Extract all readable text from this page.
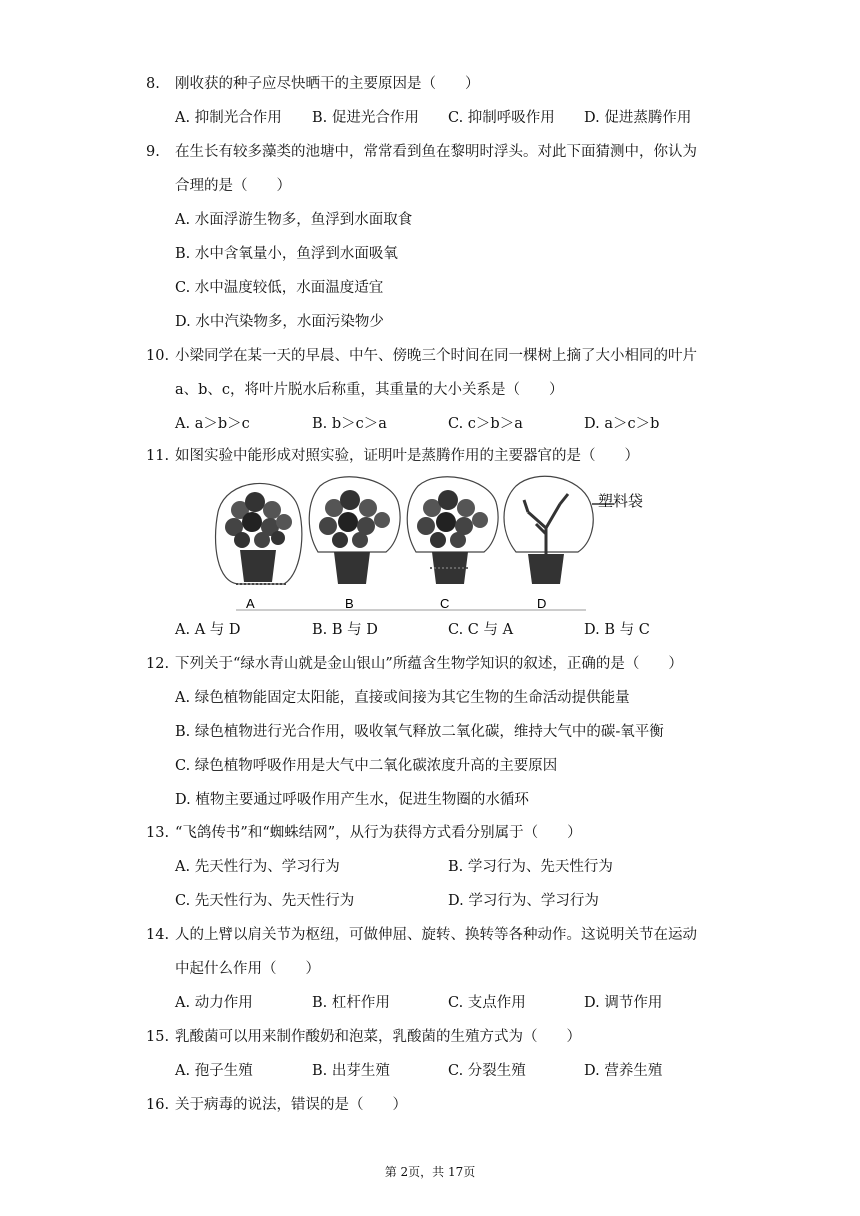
8. 刚收获的种子应尽快晒干的主要原因是（　　）
A. 抑制光合作用 B. 促进光合作用 C. 抑制呼吸作用 D. 促进蒸腾作用
9. 在生长有较多藻类的池塘中，常常看到鱼在黎明时浮头。对此下面猜测中，你认为
合理的是（　　）
A. 水面浮游生物多，鱼浮到水面取食
B. 水中含氧量小，鱼浮到水面吸氧
C. 水中温度较低，水面温度适宜
D. 水中汽染物多，水面污染物少
10. 小梁同学在某一天的早晨、中午、傍晚三个时间在同一棵树上摘了大小相同的叶片
a、b、c，将叶片脱水后称重，其重量的大小关系是（　　）
A. a＞b＞c	B. b＞c＞a	C. c＞b＞a	D. a＞c＞b
11. 如图实验中能形成对照实验，证明叶是蒸腾作用的主要器官的是（　　）
塑料袋
A	B	C	D
A. A 与 D	B. B 与 D	C. C 与 A	D. B 与 C
12. 下列关于“绿水青山就是金山银山”所蕴含生物学知识的叙述，正确的是（　　）
A. 绿色植物能固定太阳能，直接或间接为其它生物的生命活动提供能量
B. 绿色植物进行光合作用，吸收氧气释放二氧化碳，维持大气中的碳-氧平衡
C. 绿色植物呼吸作用是大气中二氧化碳浓度升高的主要原因
D. 植物主要通过呼吸作用产生水，促进生物圈的水循环
13. “飞鸽传书”和“蜘蛛结网”，从行为获得方式看分别属于（　　）
A. 先天性行为、学习行为	B. 学习行为、先天性行为
C. 先天性行为、先天性行为	D. 学习行为、学习行为
14. 人的上臂以肩关节为枢纽，可做伸屈、旋转、换转等各种动作。这说明关节在运动
中起什么作用（　　）
A. 动力作用	B. 杠杆作用	C. 支点作用	D. 调节作用
15. 乳酸菌可以用来制作酸奶和泡菜，乳酸菌的生殖方式为（　　）
A. 孢子生殖	B. 出芽生殖	C. 分裂生殖	D. 营养生殖
16. 关于病毒的说法，错误的是（　　）
第 2页，共 17页
